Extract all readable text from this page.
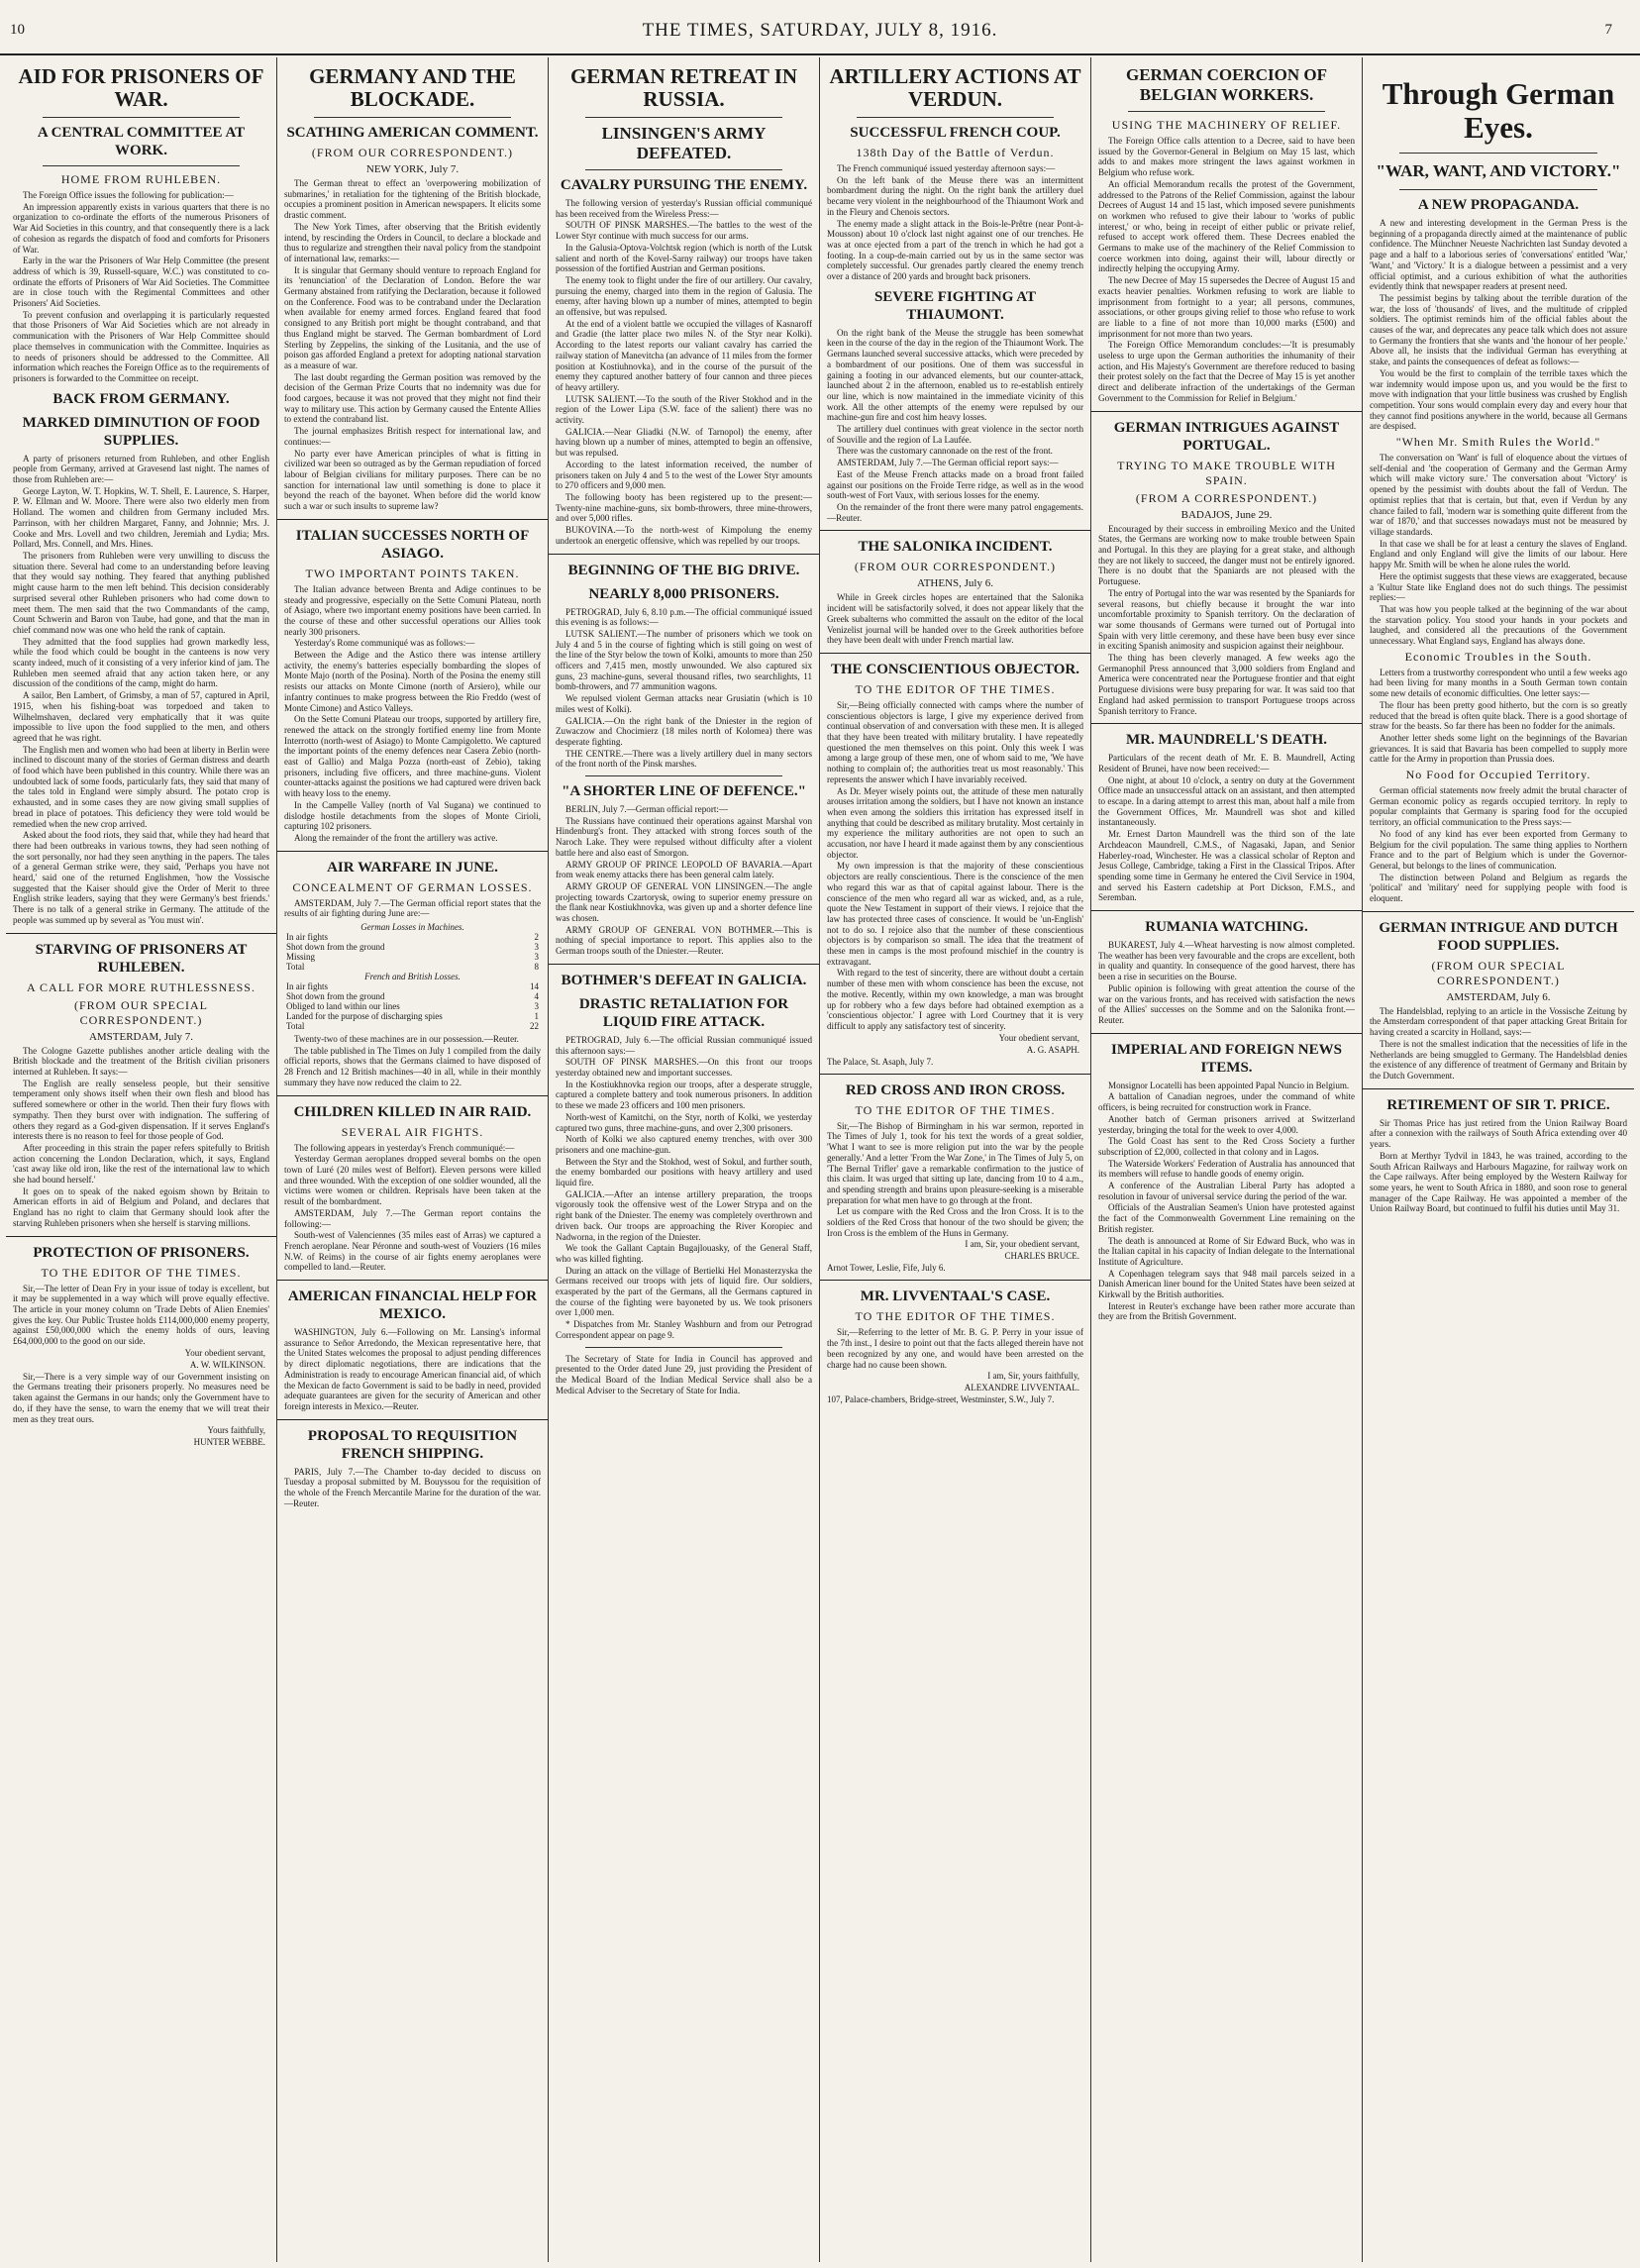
10	THE TIMES, SATURDAY, JULY 8, 1916.	7
AID FOR PRISONERS OF WAR.
A CENTRAL COMMITTEE AT WORK.
HOME FROM RUHLEBEN.

The Foreign Office issues the following for publication:—

An impression apparently exists in various quarters that there is no organization to co-ordinate the efforts of the numerous Prisoners of War Aid Societies in this country, and that consequently there is a lack of cohesion as regards the dispatch of food and comforts for Prisoners of War.

Early in the war the Prisoners of War Help Committee (the present address of which is 39, Russell-square, W.C.) was constituted to co-ordinate the efforts of Prisoners of War Aid Societies. The Committee are in close touch with the Regimental Committees and other Prisoners' Aid Societies.

To prevent confusion and overlapping it is particularly requested that those Prisoners of War Aid Societies which are not already in communication with the Prisoners of War Help Committee should place themselves in communication with the Committee. Inquiries as to needs of prisoners should be addressed to the Committee. All information which reaches the Foreign Office as to the requirements of prisoners is forwarded to the Committee on receipt.

BACK FROM GERMANY.
MARKED DIMINUTION OF FOOD SUPPLIES.

A party of prisoners returned from Ruhleben, and other English people from Germany, arrived at Gravesend last night. The names of those from Ruhleben are:—

George Layton, W. T. Hopkins, W. T. Shell, E. Laurence, S. Harper, P. W. Ellman and W. Moore. There were also two elderly men from Holland. The women and children from Germany included Mrs. Parrinson, with her children Margaret, Fanny, and Johnnie; Mrs. J. Cooke and Mrs. Lovell and two children, Jeremiah and Lydia; Mrs. Pollard, Mrs. Connell, and Mrs. Hines.

The prisoners from Ruhleben were very unwilling to discuss the situation there. Several had come to an understanding before leaving that they would say nothing. They feared that anything published might cause harm to the men left behind. This decision considerably surprised several other Ruhleben prisoners who had come down to meet them. The men said that the two Commandants of the camp, Count Schwerin and Baron von Taube, had gone, and that the man in chief command now was one who held the rank of captain.

They admitted that the food supplies had grown markedly less, while the food which could be bought in the canteens is now very scanty indeed, much of it consisting of a very inferior kind of jam. The Ruhleben men seemed afraid that any action taken here, or any discussion of the conditions of the camp, might do harm.

A sailor, Ben Lambert, of Grimsby, a man of 57, captured in April, 1915, when his fishing-boat was torpedoed and taken to Wilhelmshaven, declared very emphatically that it was quite impossible to live upon the food supplied to the men, and others agreed that he was right.

The English men and women who had been at liberty in Berlin were inclined to discount many of the stories of German distress and dearth of food which have been published in this country. While there was an undoubted lack of some foods, particularly fats, they said that many of the tales told in England were simply absurd. The potato crop is exhausted, and in some cases they are now giving small supplies of bread in place of potatoes. This deficiency they were told would be remedied when the new crop arrived.

Asked about the food riots, they said that, while they had heard that there had been outbreaks in various towns, they had seen nothing of the sort personally, nor had they seen anything in the papers. The tales of a general German strike were, they said, 'Perhaps you have not heard,' said one of the returned Englishmen, 'how the Vossische suggested that the Kaiser should give the Order of Merit to three English strike leaders, saying that they were Germany's best friends.' There is no talk of a general strike in Germany. The attitude of the people was summed up by several as 'You must win'.

STARVING OF PRISONERS AT RUHLEBEN.
A CALL FOR MORE RUTHLESSNESS.
(FROM OUR SPECIAL CORRESPONDENT.)
AMSTERDAM, July 7.

The Cologne Gazette publishes another article dealing with the British blockade and the treatment of the British civilian prisoners interned at Ruhleben. It says:—

The English are really senseless people, but their sensitive temperament only shows itself when their own flesh and blood has suffered somewhere or other in the world. Then their fury flows with sympathy. Then they burst over with indignation. The suffering of others they regard as a God-given dispensation. If it serves England's interests there is no reason to feel for those people of God.

After proceeding in this strain the paper refers spitefully to British action concerning the London Declaration, which, it says, England 'cast away like old iron, like the rest of the international law to which she had bound herself.'

It goes on to speak of the naked egoism shown by Britain to American efforts in aid of Belgium and Poland, and declares that England has no right to claim that Germany should look after the starving Ruhleben prisoners when she herself is starving millions.

PROTECTION OF PRISONERS.
TO THE EDITOR OF THE TIMES.

Sir,—The letter of Dean Fry in your issue of today is excellent, but it may be supplemented in a way which will prove equally effective. The article in your money column on 'Trade Debts of Alien Enemies' gives the key. Our Public Trustee holds £114,000,000 enemy property, against £50,000,000 which the enemy holds of ours, leaving £64,000,000 to the good on our side.

Your obedient servant,
A. W. WILKINSON.

Sir,—There is a very simple way of our Government insisting on the Germans treating their prisoners properly. No measures need be taken against the Germans in our hands; only the Government have to do, if they have the sense, to warn the enemy that we will treat their men as they treat ours.

Yours faithfully,
HUNTER WEBBE.
GERMANY AND THE BLOCKADE.
SCATHING AMERICAN COMMENT.
(FROM OUR CORRESPONDENT.)
NEW YORK, July 7.

The German threat to effect an 'overpowering mobilization of submarines,' in retaliation for the tightening of the British blockade, occupies a prominent position in American newspapers. It elicits some drastic comment.

The New York Times, after observing that the British evidently intend, by rescinding the Orders in Council, to declare a blockade and thus to regularize and strengthen their naval policy from the standpoint of international law, remarks:—

It is singular that Germany should venture to reproach England for its 'renunciation' of the Declaration of London. Before the war Germany abstained from ratifying the Declaration, because it followed on the Conference. Food was to be contraband under the Declaration when available for enemy armed forces. England feared that food consigned to any British port might be thought contraband, and that thus England might be starved. The German bombardment of Lord Sterling by Zeppelins, the sinking of the Lusitania, and the use of poison gas afforded England a pretext for adopting national starvation as a measure of war.

The last doubt regarding the German position was removed by the decision of the German Prize Courts that no indemnity was due for food cargoes, because it was not proved that they might not find their way to military use. This action by Germany caused the Entente Allies to extend the contraband list.

The journal emphasizes British respect for international law, and continues:—

No party ever have American principles of what is fitting in civilized war been so outraged as by the German repudiation of forced labour of Belgian civilians for military purposes. There can be no sanction for international law until something is done to place it beyond the reach of the bayonet. When before did the world know such a war or such insults to supreme law?

ITALIAN SUCCESSES NORTH OF ASIAGO.
TWO IMPORTANT POINTS TAKEN.

The Italian advance between Brenta and Adige continues to be steady and progressive, especially on the Sette Comuni Plateau, north of Asiago, where two important enemy positions have been carried. In the course of these and other successful operations our Allies took nearly 300 prisoners.

Yesterday's Rome communiqué was as follows:—

Between the Adige and the Astico there was intense artillery activity, the enemy's batteries especially bombarding the slopes of Monte Majo (north of the Posina). North of the Posina the enemy still resists our attacks on Monte Cimone (north of Arsiero), while our infantry continues to make progress between the Rio Freddo (west of Monte Cimone) and Astico Valleys.

On the Sette Comuni Plateau our troops, supported by artillery fire, renewed the attack on the strongly fortified enemy line from Monte Interrotto (north-west of Asiago) to Monte Campigoletto. We captured the important points of the enemy defences near Casera Zebio (north-east of Gallio) and Malga Pozza (north-east of Zebio), taking prisoners, including five officers, and three machine-guns. Violent counter-attacks against the positions we had captured were driven back with heavy loss to the enemy.

In the Campelle Valley (north of Val Sugana) we continued to dislodge hostile detachments from the slopes of Monte Cirioli, capturing 102 prisoners.

Along the remainder of the front the artillery was active.

AIR WARFARE IN JUNE.
CONCEALMENT OF GERMAN LOSSES.

AMSTERDAM, July 7.—The German official report states that the results of air fighting during June are:—

German Losses in Machines.	
In air fights	2
Shot down from the ground	3
Missing	3
Total	8
French and British Losses.	
In air fights	14
Shot down from the ground	4
Obliged to land within our lines	3
Landed for the purpose of discharging spies	1
Total	22

Twenty-two of these machines are in our possession.—Reuter.

The table published in The Times on July 1 compiled from the daily official reports, shows that the Germans claimed to have disposed of 28 French and 12 British machines—40 in all, while in their monthly summary they have now reduced the claim to 22.

CHILDREN KILLED IN AIR RAID.
SEVERAL AIR FIGHTS.

The following appears in yesterday's French communiqué:—

Yesterday German aeroplanes dropped several bombs on the open town of Luré (20 miles west of Belfort). Eleven persons were killed and three wounded. With the exception of one soldier wounded, all the victims were women or children. Reprisals have been taken at the result of the bombardment.

AMSTERDAM, July 7.—The German report contains the following:—

South-west of Valenciennes (35 miles east of Arras) we captured a French aeroplane. Near Péronne and south-west of Vouziers (16 miles N.W. of Reims) in the course of air fights enemy aeroplanes were compelled to land.—Reuter.

AMERICAN FINANCIAL HELP FOR MEXICO.

WASHINGTON, July 6.—Following on Mr. Lansing's informal assurance to Señor Arredondo, the Mexican representative here, that the United States welcomes the proposal to adjust pending differences by direct diplomatic negotiations, there are indications that the Administration is ready to encourage American financial aid, of which the Mexican de facto Government is said to be badly in need, provided adequate guarantees are given for the security of American and other foreign interests in Mexico.—Reuter.

PROPOSAL TO REQUISITION FRENCH SHIPPING.

PARIS, July 7.—The Chamber to-day decided to discuss on Tuesday a proposal submitted by M. Bouyssou for the requisition of the whole of the French Mercantile Marine for the duration of the war.—Reuter.

GERMAN RETREAT IN RUSSIA.
LINSINGEN'S ARMY DEFEATED.
CAVALRY PURSUING THE ENEMY.

The following version of yesterday's Russian official communiqué has been received from the Wireless Press:—

SOUTH OF PINSK MARSHES.—The battles to the west of the Lower Styr continue with much success for our arms.

In the Galusia-Optova-Volchtsk region (which is north of the Lutsk salient and north of the Kovel-Sarny railway) our troops have taken possession of the fortified Austrian and German positions.

The enemy took to flight under the fire of our artillery. Our cavalry, pursuing the enemy, charged into them in the region of Galusia. The enemy, after having blown up a number of mines, attempted to begin an offensive, but was repulsed.

At the end of a violent battle we occupied the villages of Kasnaroff and Gradie (the latter place two miles N. of the Styr near Kolki). According to the latest reports our valiant cavalry has carried the railway station of Manevitcha (an advance of 11 miles from the former position at Kostiuhnovka), and in the course of the pursuit of the enemy they captured another battery of four cannon and three pieces of heavy artillery.

LUTSK SALIENT.—To the south of the River Stokhod and in the region of the Lower Lipa (S.W. face of the salient) there was no activity.

GALICIA.—Near Gliadki (N.W. of Tarnopol) the enemy, after having blown up a number of mines, attempted to begin an offensive, but was repulsed.

According to the latest information received, the number of prisoners taken on July 4 and 5 to the west of the Lower Styr amounts to 270 officers and 9,000 men.

The following booty has been registered up to the present:—Twenty-nine machine-guns, six bomb-throwers, three mine-throwers, and over 5,000 rifles.

BUKOVINA.—To the north-west of Kimpolung the enemy undertook an energetic offensive, which was repelled by our troops.

BEGINNING OF THE BIG DRIVE.
NEARLY 8,000 PRISONERS.

PETROGRAD, July 6, 8.10 p.m.—The official communiqué issued this evening is as follows:—

LUTSK SALIENT.—The number of prisoners which we took on July 4 and 5 in the course of fighting which is still going on west of the line of the Styr below the town of Kolki, amounts to more than 250 officers and 7,415 men, mostly unwounded. We also captured six guns, 23 machine-guns, several thousand rifles, two searchlights, 11 bomb-throwers, and 77 ammunition wagons.

We repulsed violent German attacks near Grusiatin (which is 10 miles west of Kolki).

GALICIA.—On the right bank of the Dniester in the region of Zuwaczow and Chocimierz (18 miles north of Kolomea) there was desperate fighting.

THE CENTRE.—There was a lively artillery duel in many sectors of the front north of the Pinsk marshes.

"A SHORTER LINE OF DEFENCE."

BERLIN, July 7.—German official report:—

The Russians have continued their operations against Marshal von Hindenburg's front. They attacked with strong forces south of the Naroch Lake. They were repulsed without difficulty after a violent battle here and also east of Smorgon.

ARMY GROUP OF PRINCE LEOPOLD OF BAVARIA.—Apart from weak enemy attacks there has been general calm lately.

ARMY GROUP OF GENERAL VON LINSINGEN.—The angle projecting towards Czartorysk, owing to superior enemy pressure on the flank near Kostiukhnovka, was given up and a shorter defence line was chosen.

ARMY GROUP OF GENERAL VON BOTHMER.—This is nothing of special importance to report. This applies also to the German troops south of the Dniester.—Reuter.

BOTHMER'S DEFEAT IN GALICIA.
DRASTIC RETALIATION FOR LIQUID FIRE ATTACK.

PETROGRAD, July 6.—The official Russian communiqué issued this afternoon says:—

SOUTH OF PINSK MARSHES.—On this front our troops yesterday obtained new and important successes.

In the Kostiukhnovka region our troops, after a desperate struggle, captured a complete battery and took numerous prisoners. In addition to these we made 23 officers and 100 men prisoners.

North-west of Kamitchi, on the Styr, north of Kolki, we yesterday captured two guns, three machine-guns, and over 2,300 prisoners.

North of Kolki we also captured enemy trenches, with over 300 prisoners and one machine-gun.

Between the Styr and the Stokhod, west of Sokul, and further south, the enemy bombarded our positions with heavy artillery and used liquid fire.

GALICIA.—After an intense artillery preparation, the troops vigorously took the offensive west of the Lower Strypa and on the right bank of the Dniester. The enemy was completely overthrown and driven back. Our troops are approaching the River Koropiec and Nadworna, in the region of the Dniester.

We took the Gallant Captain Bugajlouasky, of the General Staff, who was killed fighting.

During an attack on the village of Bertielki Hel Monasterzyska the Germans received our troops with jets of liquid fire. Our soldiers, exasperated by the part of the Germans, all the Germans captured in the course of the fighting were bayoneted by us. We took prisoners over 1,000 men.

* Dispatches from Mr. Stanley Washburn and from our Petrograd Correspondent appear on page 9.

The Secretary of State for India in Council has approved and presented to the Order dated June 29, just providing the President of the Medical Board of the Indian Medical Service shall also be a Medical Adviser to the Secretary of State for India.

ARTILLERY ACTIONS AT VERDUN.
SUCCESSFUL FRENCH COUP.
138th Day of the Battle of Verdun.

The French communiqué issued yesterday afternoon says:—

On the left bank of the Meuse there was an intermittent bombardment during the night. On the right bank the artillery duel became very violent in the neighbourhood of the Thiaumont Work and in the Fleury and Chenois sectors.

The enemy made a slight attack in the Bois-le-Prêtre (near Pont-à-Mousson) about 10 o'clock last night against one of our trenches. He was at once ejected from a part of the trench in which he had got a footing. In a coup-de-main carried out by us in the same sector was completely successful. Our grenades partly cleared the enemy trench over a distance of 200 yards and brought back prisoners.

SEVERE FIGHTING AT THIAUMONT.

On the right bank of the Meuse the struggle has been somewhat keen in the course of the day in the region of the Thiaumont Work. The Germans launched several successive attacks, which were preceded by a bombardment of our positions. One of them was successful in gaining a footing in our advanced elements, but our counter-attack, launched about 2 in the afternoon, enabled us to re-establish entirely our line, which is now maintained in the immediate vicinity of this work. All the other attempts of the enemy were repulsed by our machine-gun fire and cost him heavy losses.

The artillery duel continues with great violence in the sector north of Souville and the region of La Laufée.

There was the customary cannonade on the rest of the front.

AMSTERDAM, July 7.—The German official report says:—

East of the Meuse French attacks made on a broad front failed against our positions on the Froide Terre ridge, as well as in the wood south-west of Fort Vaux, with serious losses for the enemy.

On the remainder of the front there were many patrol engagements.—Reuter.

THE SALONIKA INCIDENT.
(FROM OUR CORRESPONDENT.)
ATHENS, July 6.

While in Greek circles hopes are entertained that the Salonika incident will be satisfactorily solved, it does not appear likely that the Greek subalterns who committed the assault on the editor of the local Venizelist journal will be handed over to the Greek authorities before they have been dealt with under French martial law.

THE CONSCIENTIOUS OBJECTOR.
TO THE EDITOR OF THE TIMES.

Sir,—Being officially connected with camps where the number of conscientious objectors is large, I give my experience derived from continual observation of and conversation with these men. It is alleged that they have been treated with military brutality. I have repeatedly questioned the men themselves on this point. Only this week I was among a large group of these men, one of whom said to me, 'We have nothing to complain of; the authorities treat us most reasonably.' This represents the answer which I have invariably received.

As Dr. Meyer wisely points out, the attitude of these men naturally arouses irritation among the soldiers, but I have not known an instance when even among the soldiers this irritation has expressed itself in anything that could be described as military brutality. Most certainly in my experience the military authorities are not open to such an accusation, nor have I heard it made against them by any conscientious objector.

My own impression is that the majority of these conscientious objectors are really conscientious. There is the conscience of the men who regard this war as that of capital against labour. There is the conscience of the men who regard all war as wicked, and, as a rule, quote the New Testament in support of their views. I rejoice that the law has protected three cases of conscience. It would be 'un-English' not to do so. I rejoice also that the number of these conscientious objectors is by comparison so small. The idea that the treatment of these men in camps is the most profound mischief in the country is extravagant.

With regard to the test of sincerity, there are without doubt a certain number of these men with whom conscience has been the excuse, not the motive. Recently, within my own knowledge, a man was brought up for robbery who a few days before had obtained exemption as a 'conscientious objector.' I agree with Lord Courtney that it is very difficult to apply any satisfactory test of sincerity.

Your obedient servant,
A. G. ASAPH.
The Palace, St. Asaph, July 7.
RED CROSS AND IRON CROSS.
TO THE EDITOR OF THE TIMES.

Sir,—The Bishop of Birmingham in his war sermon, reported in The Times of July 1, took for his text the words of a great soldier, 'What I want to see is more religion put into the war by the people generally.' And a letter 'From the War Zone,' in The Times of July 5, on 'The Bernal Trifler' gave a remarkable confirmation to the justice of this claim. It was urged that sitting up late, dancing from 10 to 4 a.m., and spending strength and brains upon pleasure-seeking is a miserable preparation for what men have to go through at the front.

Let us compare with the Red Cross and the Iron Cross. It is to the soldiers of the Red Cross that honour of the two should be given; the Iron Cross is the emblem of the Huns in Germany.

I am, Sir, your obedient servant,
CHARLES BRUCE.
Arnot Tower, Leslie, Fife, July 6.
MR. LIVVENTAAL'S CASE.
TO THE EDITOR OF THE TIMES.

Sir,—Referring to the letter of Mr. B. G. P. Perry in your issue of the 7th inst., I desire to point out that the facts alleged therein have not been recognized by any one, and would have been arrested on the charge had no cause been shown.

I am, Sir, yours faithfully,
ALEXANDRE LIVVENTAAL.
107, Palace-chambers, Bridge-street, Westminster, S.W., July 7.
GERMAN COERCION OF BELGIAN WORKERS.
USING THE MACHINERY OF RELIEF.

The Foreign Office calls attention to a Decree, said to have been issued by the Governor-General in Belgium on May 15 last, which adds to and makes more stringent the laws against workmen in Belgium who refuse work.

An official Memorandum recalls the protest of the Government, addressed to the Patrons of the Relief Commission, against the labour Decrees of August 14 and 15 last, which imposed severe punishments on workmen who refused to give their labour to 'works of public interest,' or who, being in receipt of either public or private relief, refused to accept work offered them. These Decrees enabled the Germans to make use of the machinery of the Relief Commission to coerce workmen into doing, against their will, labour directly or indirectly helping the occupying Army.

The new Decree of May 15 supersedes the Decree of August 15 and exacts heavier penalties. Workmen refusing to work are liable to imprisonment from fortnight to a year; all persons, communes, associations, or other groups giving relief to those who refuse to work are liable to a fine of not more than 10,000 marks (£500) and imprisonment for not more than two years.

The Foreign Office Memorandum concludes:—'It is presumably useless to urge upon the German authorities the inhumanity of their action, and His Majesty's Government are therefore reduced to basing their protest solely on the fact that the Decree of May 15 is yet another direct and deliberate infraction of the undertakings of the German Government to the Commission for Relief in Belgium.'

GERMAN INTRIGUES AGAINST PORTUGAL.
TRYING TO MAKE TROUBLE WITH SPAIN.
(FROM A CORRESPONDENT.)
BADAJOS, June 29.

Encouraged by their success in embroiling Mexico and the United States, the Germans are working now to make trouble between Spain and Portugal. In this they are playing for a great stake, and although they are not likely to succeed, the danger must not be entirely ignored. There is no doubt that the Spaniards are not pleased with the Portuguese.

The entry of Portugal into the war was resented by the Spaniards for several reasons, but chiefly because it brought the war into uncomfortable proximity to Spanish territory. On the declaration of war some thousands of Germans were turned out of Portugal into Spain with very little ceremony, and these have been busy ever since in exciting Spanish animosity and suspicion against their neighbour.

The thing has been cleverly managed. A few weeks ago the Germanophil Press announced that 3,000 soldiers from England and America were concentrated near the Portuguese frontier and that eight Portuguese divisions were busy preparing for war. It was said too that England had asked permission to transport Portuguese troops across Spanish territory to France.

MR. MAUNDRELL'S DEATH.

Particulars of the recent death of Mr. E. B. Maundrell, Acting Resident of Brunei, have now been received:—

One night, at about 10 o'clock, a sentry on duty at the Government Office made an unsuccessful attack on an assistant, and then attempted to escape. In a daring attempt to arrest this man, about half a mile from the Government Offices, Mr. Maundrell was shot and killed instantaneously.

Mr. Ernest Darton Maundrell was the third son of the late Archdeacon Maundrell, C.M.S., of Nagasaki, Japan, and Senior Haberley-road, Winchester. He was a classical scholar of Repton and Jesus College, Cambridge, taking a First in the Classical Tripos. After spending some time in Germany he entered the Civil Service in 1904, and served his Eastern cadetship at Port Dickson, F.M.S., and Seremban.

RUMANIA WATCHING.

BUKAREST, July 4.—Wheat harvesting is now almost completed. The weather has been very favourable and the crops are excellent, both in quality and quantity. In consequence of the good harvest, there has been a rise in securities on the Bourse.

Public opinion is following with great attention the course of the war on the various fronts, and has received with satisfaction the news of the Allies' successes on the Somme and on the Salonika front.—Reuter.

IMPERIAL AND FOREIGN NEWS ITEMS.

Monsignor Locatelli has been appointed Papal Nuncio in Belgium.

A battalion of Canadian negroes, under the command of white officers, is being recruited for construction work in France.

Another batch of German prisoners arrived at Switzerland yesterday, bringing the total for the week to over 4,000.

The Gold Coast has sent to the Red Cross Society a further subscription of £2,000, collected in that colony and in Lagos.

The Waterside Workers' Federation of Australia has announced that its members will refuse to handle goods of enemy origin.

A conference of the Australian Liberal Party has adopted a resolution in favour of universal service during the period of the war.

Officials of the Australian Seamen's Union have protested against the fact of the Commonwealth Government Line remaining on the British register.

The death is announced at Rome of Sir Edward Buck, who was in the Italian capital in his capacity of Indian delegate to the International Institute of Agriculture.

A Copenhagen telegram says that 948 mail parcels seized in a Danish American liner bound for the United States have been seized at Kirkwall by the British authorities.

Interest in Reuter's exchange have been rather more accurate than they are from the British Government.

Through German Eyes.
"WAR, WANT, AND VICTORY."
A NEW PROPAGANDA.

A new and interesting development in the German Press is the beginning of a propaganda directly aimed at the maintenance of public confidence. The Münchner Neueste Nachrichten last Sunday devoted a page and a half to a laborious series of 'conversations' entitled 'War,' 'Want,' and 'Victory.' It is a dialogue between a pessimist and a very official optimist, and a curious exhibition of what the authorities evidently think that newspaper readers at present need.

The pessimist begins by talking about the terrible duration of the war, the loss of 'thousands' of lives, and the multitude of crippled soldiers. The optimist reminds him of the official fables about the causes of the war, and deprecates any peace talk which does not assure to Germany the frontiers that she wants and 'the honour of her people.' Above all, he insists that the individual German has everything at stake, and paints the consequences of defeat as follows:—

You would be the first to complain of the terrible taxes which the war indemnity would impose upon us, and you would be the first to move with indignation that your little business was crushed by English competition. Your sons would complain every day and every hour that they cannot find positions anywhere in the world, because all Germans are despised.

"When Mr. Smith Rules the World."

The conversation on 'Want' is full of eloquence about the virtues of self-denial and 'the cooperation of Germany and the German Army which will make victory sure.' The conversation about 'Victory' is opened by the pessimist with doubts about the fall of Verdun. The optimist replies that that is certain, but that, even if Verdun by any chance failed to fall, 'modern war is something quite different from the war of 1870,' and that successes nowadays must not be measured by village standards.

In that case we shall be for at least a century the slaves of England. England and only England will give the limits of our labour. Here happy Mr. Smith will be when he alone rules the world.

Here the optimist suggests that these views are exaggerated, because a 'Kultur State like England does not do such things. The pessimist replies:—

That was how you people talked at the beginning of the war about the starvation policy. You stood your hands in your pockets and laughed, and considered all the precautions of the Government unnecessary. What England says, England has always done.

Economic Troubles in the South.

Letters from a trustworthy correspondent who until a few weeks ago had been living for many months in a South German town contain some new details of economic difficulties. One letter says:—

The flour has been pretty good hitherto, but the corn is so greatly reduced that the bread is often quite black. There is a good shortage of straw for the beasts. So far there has been no fodder for the animals.

Another letter sheds some light on the beginnings of the Bavarian grievances. It is said that Bavaria has been compelled to supply more cattle for the Army in proportion than Prussia does.

No Food for Occupied Territory.

German official statements now freely admit the brutal character of German economic policy as regards occupied territory. In reply to popular complaints that Germany is sparing food for the occupied territory, an official communication to the Press says:—

No food of any kind has ever been exported from Germany to Belgium for the civil population. The same thing applies to Northern France and to the part of Belgium which is under the Governor-General, but belongs to the lines of communication.

The distinction between Poland and Belgium as regards the 'political' and 'military' need for supplying people with food is eloquent.

GERMAN INTRIGUE AND DUTCH FOOD SUPPLIES.
(FROM OUR SPECIAL CORRESPONDENT.)
AMSTERDAM, July 6.

The Handelsblad, replying to an article in the Vossische Zeitung by the Amsterdam correspondent of that paper attacking Great Britain for having created a scarcity in Holland, says:—

There is not the smallest indication that the necessities of life in the Netherlands are being smuggled to Germany. The Handelsblad denies the existence of any difference of treatment of Germany and Britain by the Dutch Government.

RETIREMENT OF SIR T. PRICE.

Sir Thomas Price has just retired from the Union Railway Board after a connexion with the railways of South Africa extending over 40 years.

Born at Merthyr Tydvil in 1843, he was trained, according to the South African Railways and Harbours Magazine, for railway work on the Cape railways. After being employed by the Western Railway for some years, he went to South Africa in 1880, and soon rose to general manager of the Cape Railway. He was appointed a member of the Union Railway Board, but continued to fulfil his duties until May 31.
